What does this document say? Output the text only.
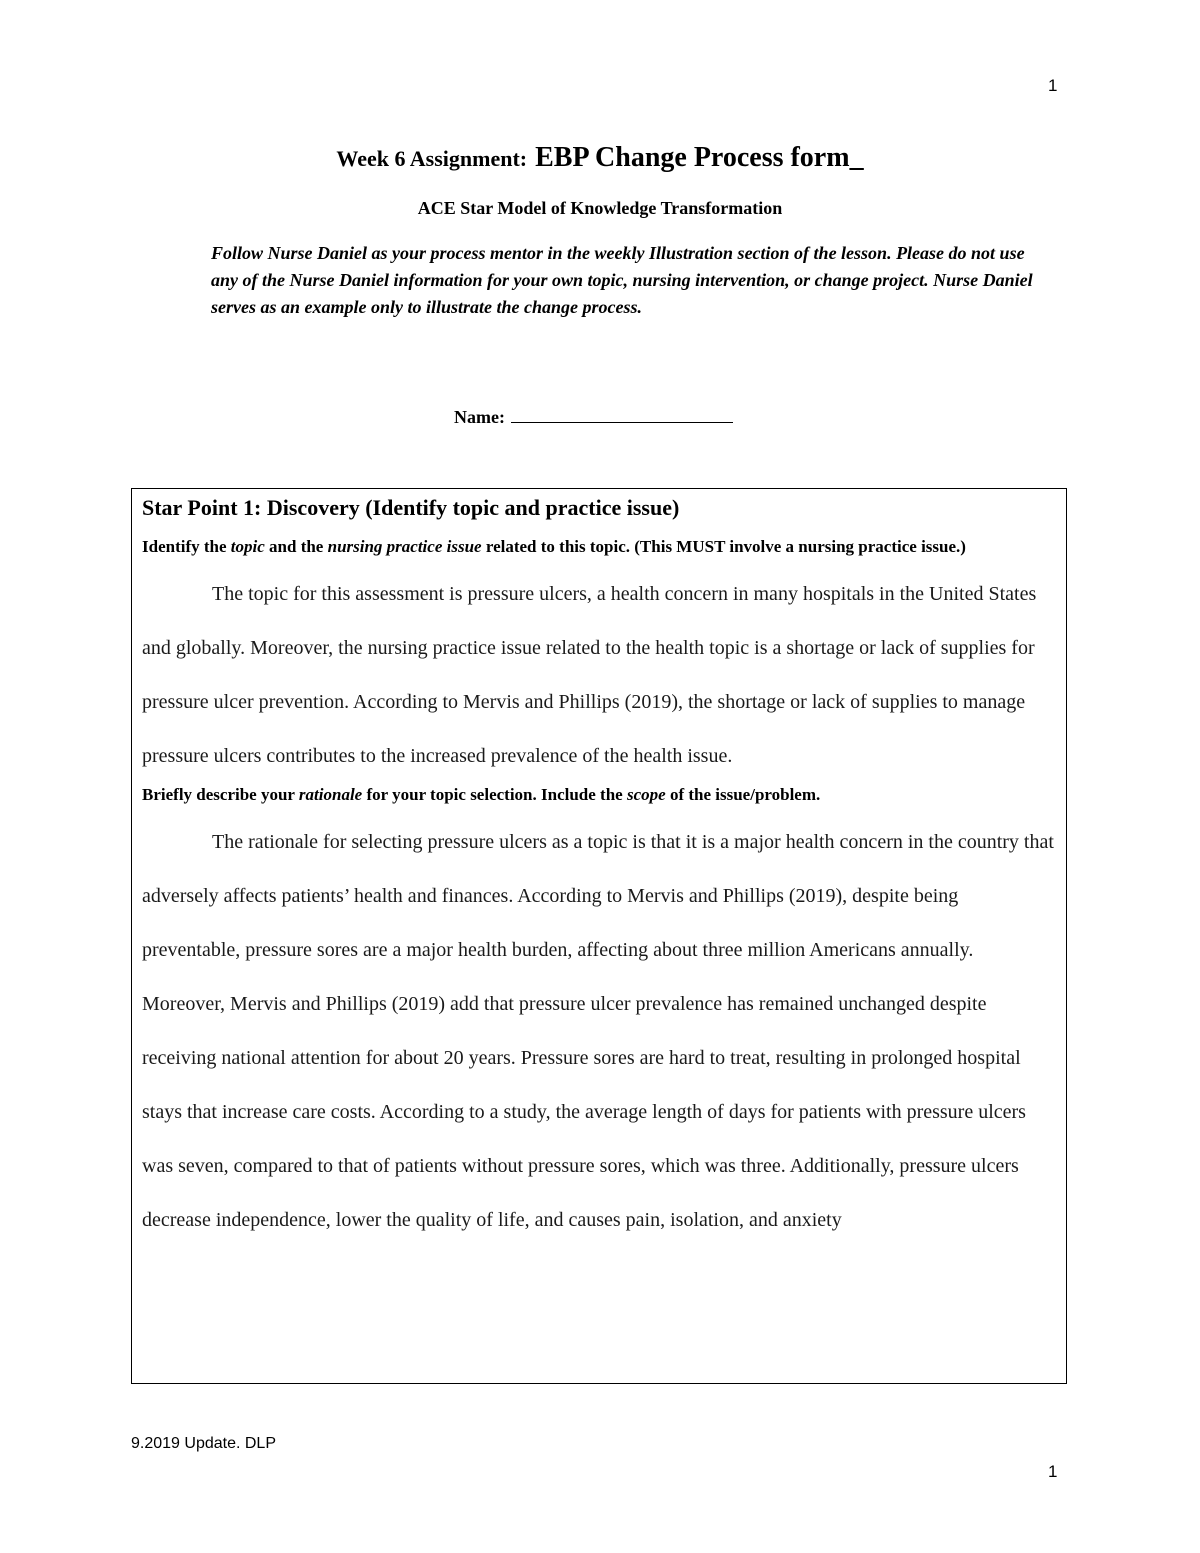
1
Week 6 Assignment: EBP Change Process form_
ACE Star Model of Knowledge Transformation
Follow Nurse Daniel as your process mentor in the weekly Illustration section of the lesson. Please do not use any of the Nurse Daniel information for your own topic, nursing intervention, or change project. Nurse Daniel serves as an example only to illustrate the change process.
Name:
Star Point 1: Discovery (Identify topic and practice issue)
Identify the topic and the nursing practice issue related to this topic. (This MUST involve a nursing practice issue.)

The topic for this assessment is pressure ulcers, a health concern in many hospitals in the United States and globally. Moreover, the nursing practice issue related to the health topic is a shortage or lack of supplies for pressure ulcer prevention. According to Mervis and Phillips (2019), the shortage or lack of supplies to manage pressure ulcers contributes to the increased prevalence of the health issue.

Briefly describe your rationale for your topic selection. Include the scope of the issue/problem.

The rationale for selecting pressure ulcers as a topic is that it is a major health concern in the country that adversely affects patients’ health and finances. According to Mervis and Phillips (2019), despite being preventable, pressure sores are a major health burden, affecting about three million Americans annually. Moreover, Mervis and Phillips (2019) add that pressure ulcer prevalence has remained unchanged despite receiving national attention for about 20 years. Pressure sores are hard to treat, resulting in prolonged hospital stays that increase care costs. According to a study, the average length of days for patients with pressure ulcers was seven, compared to that of patients without pressure sores, which was three. Additionally, pressure ulcers decrease independence, lower the quality of life, and causes pain, isolation, and anxiety

9.2019 Update. DLP
1
